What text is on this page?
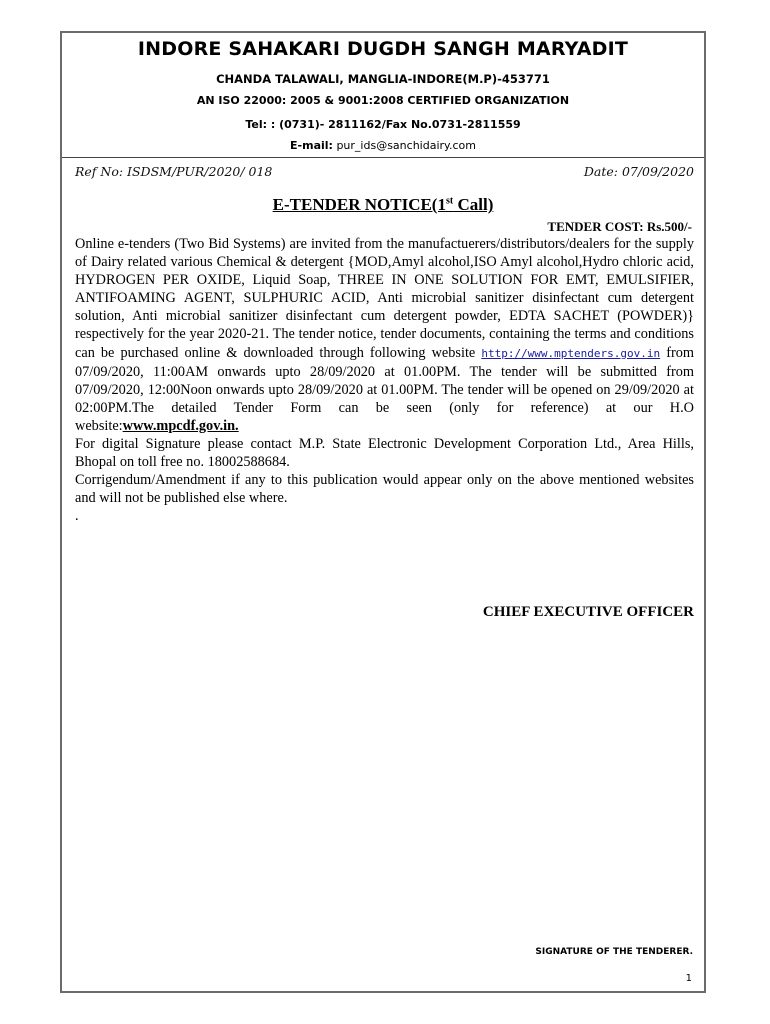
INDORE SAHAKARI DUGDH SANGH MARYADIT
CHANDA TALAWALI, MANGLIA-INDORE(M.P)-453771
AN ISO 22000: 2005 & 9001:2008 CERTIFIED ORGANIZATION
Tel: : (0731)- 2811162/Fax No.0731-2811559
E-mail: pur_ids@sanchidairy.com
Ref No: ISDSM/PUR/2020/ 018	Date: 07/09/2020
E-TENDER NOTICE(1st Call)
TENDER COST: Rs.500/-

Online e-tenders (Two Bid Systems) are invited from the manufactuerers/distributors/dealers for the supply of Dairy related various Chemical & detergent {MOD,Amyl alcohol,ISO Amyl alcohol,Hydro chloric acid, HYDROGEN PER OXIDE, Liquid Soap, THREE IN ONE SOLUTION FOR EMT, EMULSIFIER, ANTIFOAMING AGENT, SULPHURIC ACID, Anti microbial sanitizer disinfectant cum detergent solution, Anti microbial sanitizer disinfectant cum detergent powder, EDTA SACHET (POWDER)} respectively for the year 2020-21. The tender notice, tender documents, containing the terms and conditions can be purchased online & downloaded through following website http://www.mptenders.gov.in from 07/09/2020, 11:00AM onwards upto 28/09/2020 at 01.00PM. The tender will be submitted from 07/09/2020, 12:00Noon onwards upto 28/09/2020 at 01.00PM. The tender will be opened on 29/09/2020 at 02:00PM.The detailed Tender Form can be seen (only for reference) at our H.O website:www.mpcdf.gov.in.

For digital Signature please contact M.P. State Electronic Development Corporation Ltd., Area Hills, Bhopal on toll free no. 18002588684.

Corrigendum/Amendment if any to this publication would appear only on the above mentioned websites and will not be published else where.

.

CHIEF EXECUTIVE OFFICER
SIGNATURE OF THE TENDERER.
1
